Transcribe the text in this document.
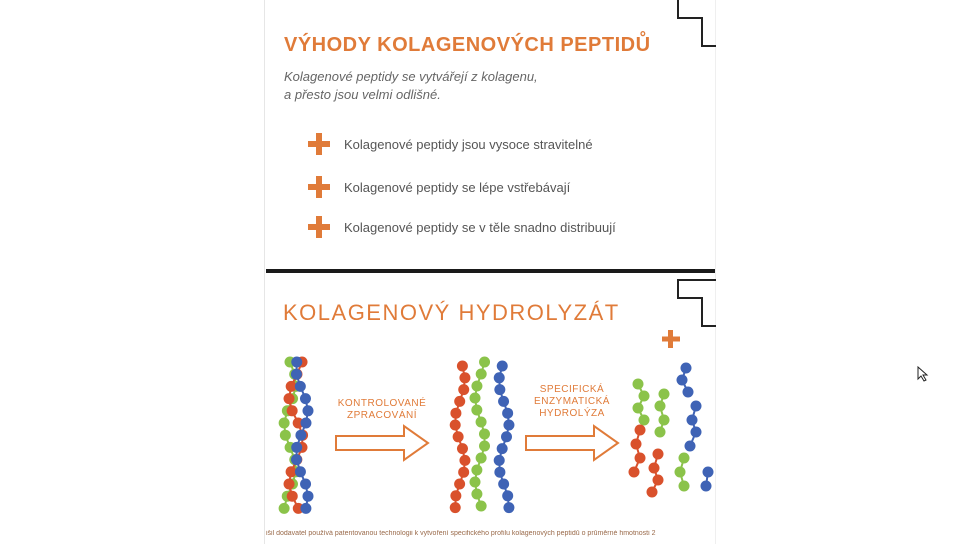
VÝHODY KOLAGENOVÝCH PEPTIDŮ
Kolagenové peptidy se vytvářejí z kolagenu,
a přesto jsou velmi odlišné.
Kolagenové peptidy jsou vysoce stravitelné
Kolagenové peptidy se lépe vstřebávají
Kolagenové peptidy se v těle snadno distribuují
KOLAGENOVÝ HYDROLYZÁT
KONTROLOVANÉ
ZPRACOVÁNÍ
SPECIFICKÁ
ENZYMATICKÁ
HYDROLÝZA
išil dodavatel používá patentovanou technologii k vytvoření specifického profilu kolagenových peptidů o průměrné hmotnosti 2
